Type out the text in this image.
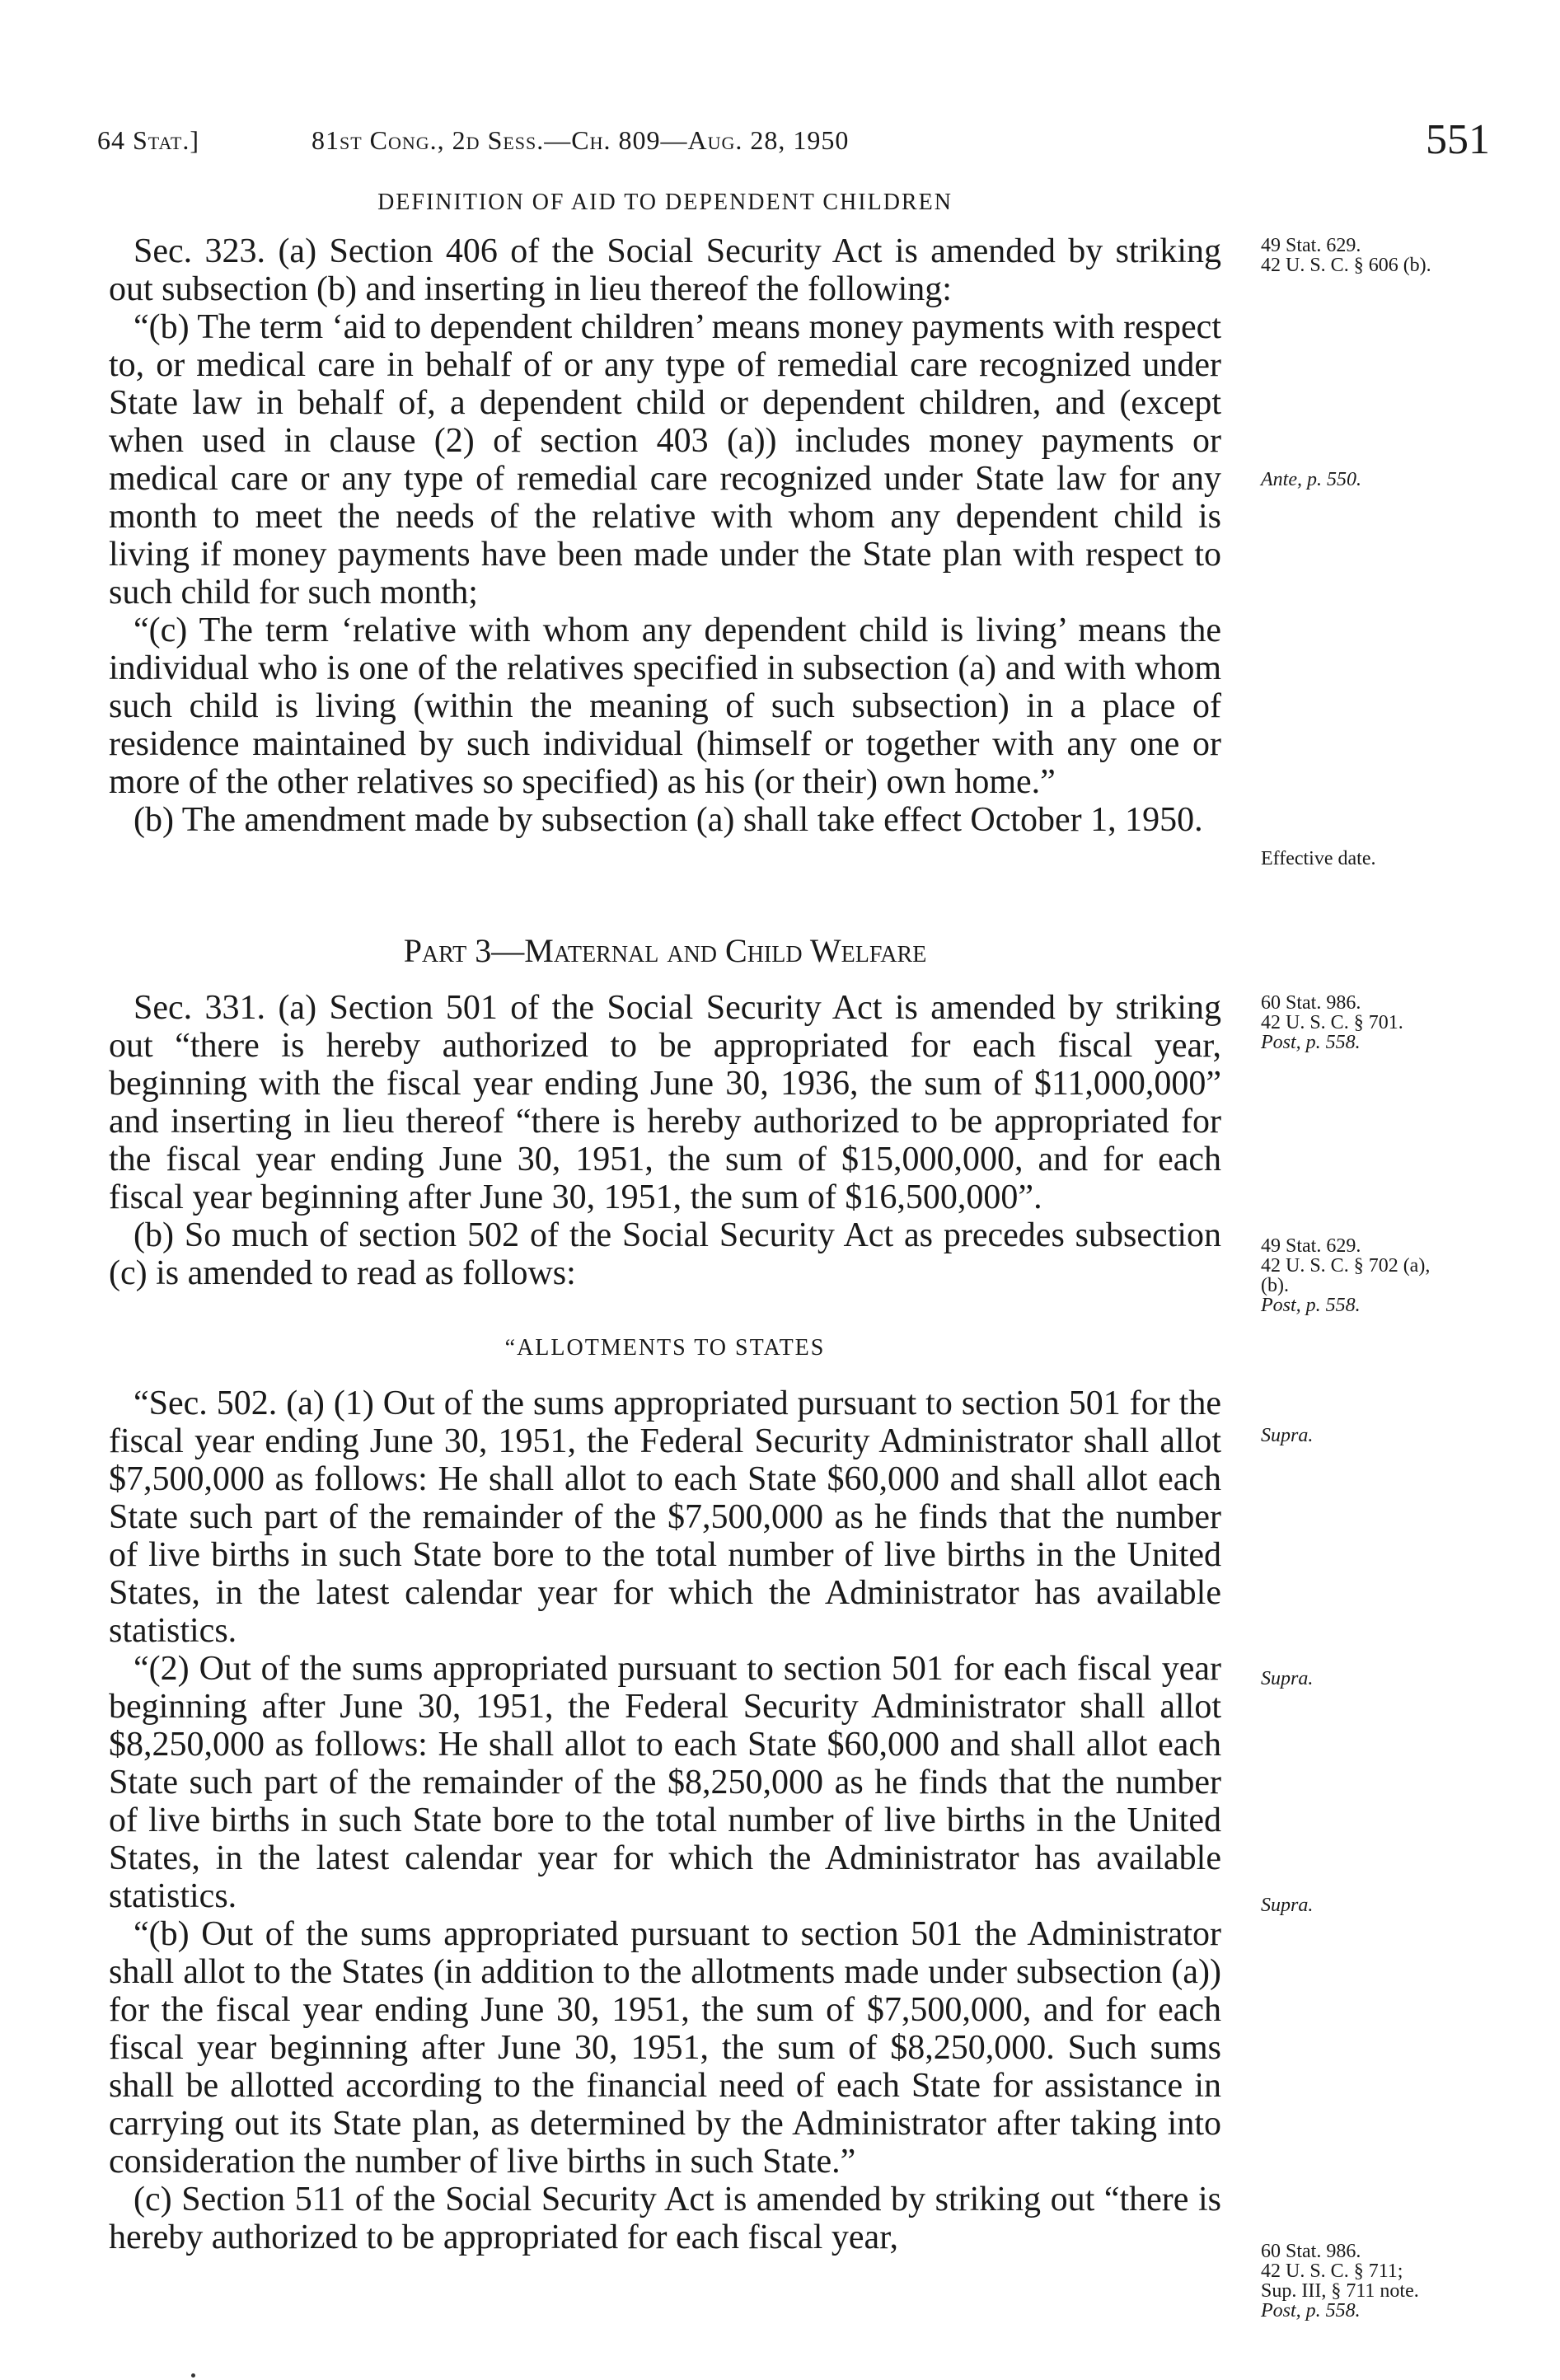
64 Stat.]	81st Cong., 2d Sess.—Ch. 809—Aug. 28, 1950	551
DEFINITION OF AID TO DEPENDENT CHILDREN

Sec. 323. (a) Section 406 of the Social Security Act is amended by striking out subsection (b) and inserting in lieu thereof the following:

“(b) The term ‘aid to dependent children’ means money payments with respect to, or medical care in behalf of or any type of remedial care recognized under State law in behalf of, a dependent child or dependent children, and (except when used in clause (2) of section 403 (a)) includes money payments or medical care or any type of remedial care recognized under State law for any month to meet the needs of the relative with whom any dependent child is living if money payments have been made under the State plan with respect to such child for such month;

“(c) The term ‘relative with whom any dependent child is living’ means the individual who is one of the relatives specified in subsection (a) and with whom such child is living (within the meaning of such subsection) in a place of residence maintained by such individual (himself or together with any one or more of the other relatives so specified) as his (or their) own home.”

(b) The amendment made by subsection (a) shall take effect October 1, 1950.

Part 3—Maternal and Child Welfare

Sec. 331. (a) Section 501 of the Social Security Act is amended by striking out “there is hereby authorized to be appropriated for each fiscal year, beginning with the fiscal year ending June 30, 1936, the sum of $11,000,000” and inserting in lieu thereof “there is hereby authorized to be appropriated for the fiscal year ending June 30, 1951, the sum of $15,000,000, and for each fiscal year beginning after June 30, 1951, the sum of $16,500,000”.

(b) So much of section 502 of the Social Security Act as precedes subsection (c) is amended to read as follows:

“ALLOTMENTS TO STATES

“Sec. 502. (a) (1) Out of the sums appropriated pursuant to section 501 for the fiscal year ending June 30, 1951, the Federal Security Administrator shall allot $7,500,000 as follows: He shall allot to each State $60,000 and shall allot each State such part of the remainder of the $7,500,000 as he finds that the number of live births in such State bore to the total number of live births in the United States, in the latest calendar year for which the Administrator has available statistics.

“(2) Out of the sums appropriated pursuant to section 501 for each fiscal year beginning after June 30, 1951, the Federal Security Administrator shall allot $8,250,000 as follows: He shall allot to each State $60,000 and shall allot each State such part of the remainder of the $8,250,000 as he finds that the number of live births in such State bore to the total number of live births in the United States, in the latest calendar year for which the Administrator has available statistics.

“(b) Out of the sums appropriated pursuant to section 501 the Administrator shall allot to the States (in addition to the allotments made under subsection (a)) for the fiscal year ending June 30, 1951, the sum of $7,500,000, and for each fiscal year beginning after June 30, 1951, the sum of $8,250,000. Such sums shall be allotted according to the financial need of each State for assistance in carrying out its State plan, as determined by the Administrator after taking into consideration the number of live births in such State.”

(c) Section 511 of the Social Security Act is amended by striking out “there is hereby authorized to be appropriated for each fiscal year,

49 Stat. 629.
42 U. S. C. § 606 (b).
Ante, p. 550.
Effective date.
60 Stat. 986.
42 U. S. C. § 701.
Post, p. 558.
49 Stat. 629.
42 U. S. C. § 702 (a),
(b).
Post, p. 558.
Supra.
Supra.
Supra.
60 Stat. 986.
42 U. S. C. § 711;
Sup. III, § 711 note.
Post, p. 558.
